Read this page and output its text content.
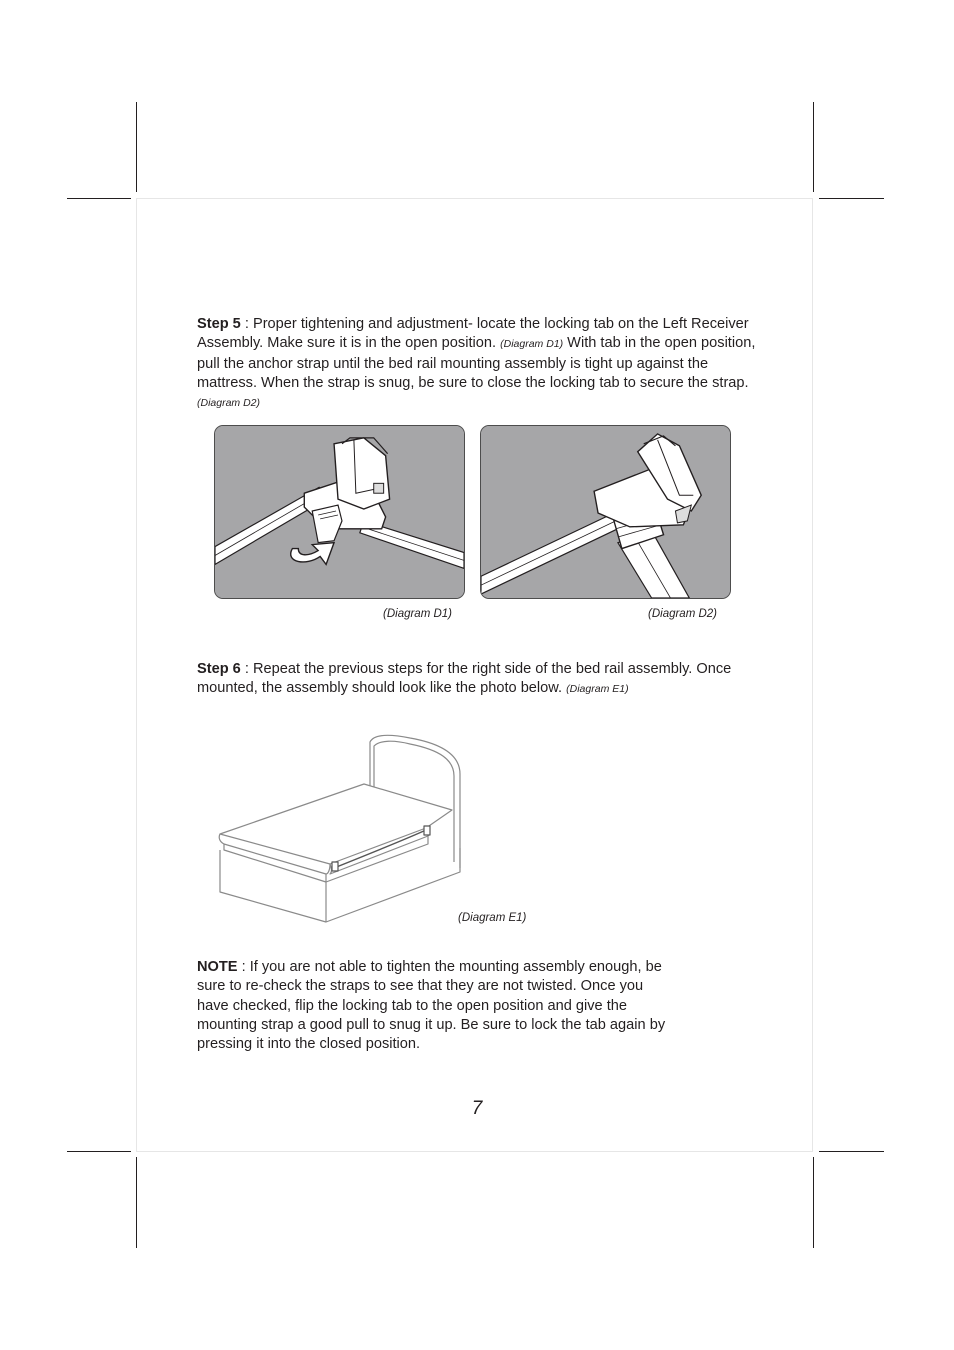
Step 5 : Proper tightening and adjustment- locate the locking tab on the Left Receiver Assembly. Make sure it is in the open position. (Diagram D1) With tab in the open position, pull the anchor strap until the bed rail mounting assembly is tight up against the mattress. When the strap is snug, be sure to close the locking tab to secure the strap. (Diagram D2)

(Diagram D1)	(Diagram D2)

Step 6 : Repeat the previous steps for the right side of the bed rail assembly. Once mounted, the assembly should look like the photo below. (Diagram E1)

(Diagram E1)

NOTE : If you are not able to tighten the mounting assembly enough, be sure to re-check the straps to see that they are not twisted. Once you have checked, flip the locking tab to the open position and give the mounting strap a good pull to snug it up. Be sure to lock the tab again by pressing it into the closed position.

7
